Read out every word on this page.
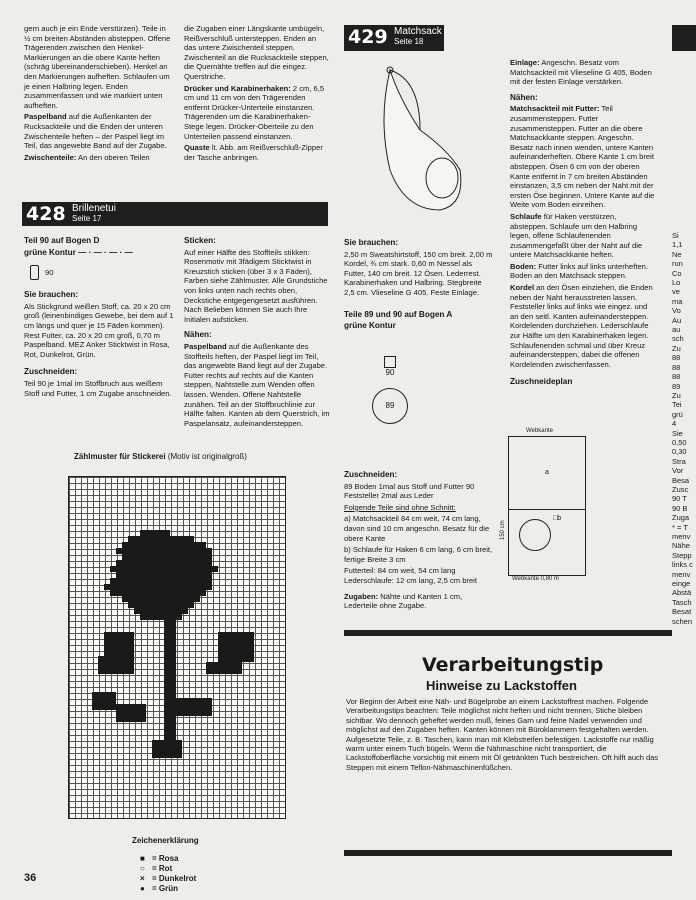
gern auch je ein Ende verstürzen). Teile in ½ cm breiten Abständen absteppen. Offene Trägerenden zwischen den Henkel-Markierungen an die obere Kante heften (schräg übereinanderschieben). Henkel an den Markierungen aufheften. Schlaufen um je einen Halbring legen. Enden zusammenfassen und wie markiert unten aufheften.

Paspelband auf die Außenkanten der Rucksackteile und die Enden der unteren Zwischenteile heften – der Paspel liegt im Teil, das angewebte Band auf der Zugabe.

Zwischenteile: An den oberen Teilen

die Zugaben einer Längskante umbügeln, Reißverschluß untersteppen. Enden an das untere Zwischenteil steppen. Zwischenteil an die Rucksackteile steppen, die Quernähte treffen auf die eingez. Querstriche.

Drücker und Karabinerhaken: 2 cm, 6,5 cm und 11 cm von den Trägerenden entfernt Drücker-Unterteile einstanzen. Trägerenden um die Karabinerhaken-Stege legen. Drücker-Oberteile zu den Unterteilen passend einstanzen.

Quaste lt. Abb. am Reißverschluß-Zipper der Tasche anbringen.

428 Brillenetui
Seite 17

Teil 90 auf Bogen D

grüne Kontur — · — · — · —

90

Sie brauchen:

Als Stickgrund weißen Stoff, ca. 20 x 20 cm groß (leinenbindiges Gewebe, bei dem auf 1 cm längs und quer je 15 Fäden kommen). Rest Futter, ca. 20 x 20 cm groß, 0,70 m Paspelband. MEZ Anker Sticktwist in Rosa, Rot, Dunkelrot, Grün.

Zuschneiden:

Teil 90 je 1mal im Stoffbruch aus weißem Stoff und Futter, 1 cm Zugabe anschneiden.

Sticken:

Auf einer Hälfte des Stoffteils stikken: Rosenmotiv mit 3fädigem Sticktwist in Kreuzstich sticken (über 3 x 3 Fäden), Farben siehe Zählmuster. Alle Grundstiche von links unten nach rechts oben, Deckstiche entgegengesetzt ausführen. Nach Belieben können Sie auch Ihre Initialen aufsticken.

Nähen:

Paspelband auf die Außenkante des Stoffteils heften, der Paspel liegt im Teil, das angewebte Band liegt auf der Zugabe. Futter rechts auf rechts auf die Kanten steppen, Nahtstelle zum Wenden offen lassen. Wenden. Offene Nahtstelle zunähen. Teil an der Stoffbruchlinie zur Hälfte falten. Kanten ab dem Querstrich, im Paspelansatz, aufeinandersteppen.

Zählmuster für Stickerei (Motiv ist originalgroß)
Zeichenerklärung
■ = Rosa
○ = Rot
× = Dunkelrot
● = Grün
36
429 Matchsack
Seite 18

Sie brauchen:

2,50 m Sweatshirtstoff, 150 cm breit. 2,00 m Kordel, ¾ cm stark. 0,60 m Nessel als Futter, 140 cm breit. 12 Ösen. Lederrest. Karabinerhaken und Halbring. Stegbreite 2,5 cm. Vlieseline G 405. Feste Einlage.

Teile 89 und 90 auf Bogen A

grüne Kontur

90
89

Zuschneiden:

89 Boden 1mal aus Stoff und Futter 90 Feststeller 2mal aus Leder

Folgende Teile sind ohne Schnitt:

a) Matchsackteil 84 cm weit, 74 cm lang, davon sind 10 cm angeschn. Besatz für die obere Kante

b) Schlaufe für Haken 6 cm lang, 6 cm breit, fertige Breite 3 cm

Futterteil: 84 cm weit, 54 cm lang Lederschlaufe: 12 cm lang, 2,5 cm breit

Zugaben: Nähte und Kanten 1 cm, Lederteile ohne Zugabe.

Einlage: Angeschn. Besatz vom Matchsackteil mit Vlieseline G 405, Boden mit der festen Einlage verstärken.

Nähen:

Matchsackteil mit Futter: Teil zusammensteppen. Futter zusammensteppen. Futter an die obere Matchsackkante steppen. Angeschn. Besatz nach innen wenden, untere Kanten aufeinanderheften. Obere Kante 1 cm breit absteppen. Ösen 6 cm von der oberen Kante entfernt in 7 cm breiten Abständen einstanzen, 3,5 cm neben der Naht mit der ersten Öse beginnen. Untere Kante auf die Weite vom Boden einreihen.

Schlaufe für Haken verstürzen, absteppen. Schlaufe um den Halbring legen, offene Schlaufenenden zusammengefaßt über der Naht auf die untere Matchsackkante heften.

Boden: Futter links auf links unterheften. Boden an den Matchsack steppen.

Kordel an den Ösen einziehen, die Enden neben der Naht herausstreten lassen. Feststeller links auf links wie eingez. und an den seitl. Kanten aufeinandersteppen. Kordelenden durchziehen. Lederschlaufe zur Hälfte um den Karabinerhaken legen. Schlaufenenden schmal und über Kreuz aufeinandersteppen, dabei die offenen Kordelenden zwischenfassen.

Zuschneideplan

Webkante
a
□b
150 cm
Webkante 0,80 m
Verarbeitungstip
Hinweise zu Lackstoffen
Vor Beginn der Arbeit eine Näh- und Bügelprobe an einem Lackstoffrest machen. Folgende Verarbeitungstips beachten: Teile möglichst nicht heften und nicht trennen, Stiche bleiben sichtbar. Wo dennoch geheftet werden muß, feines Garn und feine Nadel verwenden und möglichst auf den Zugaben heften. Kanten können mit Büroklammern festgehalten werden. Aufgesetzte Teile, z. B. Taschen, kann man mit Klebstreifen befestigen. Lackstoffe nur mäßig warm unter einem Tuch bügeln. Wenn die Nähmaschine nicht transportiert, die Lackstoffoberfläche vorsichtig mit einem mit Öl getränkten Tuch bestreichen. Oft hilft auch das Steppen mit einem Teflon-Nähmaschinenfüßchen.
Si
1,1
Ne
run
Co
Lo
ve
ma
Vo
Au
au
sch
Zu
88
88
88
89
Zu
Tei
grü
4
Sie
0,50
0,30
Stra
Vor
Besa
Zusc
90 T
90 B
Zuga
* = T
menv
Nähe
Stepp
links c
menv
einge
Abstä
Tasch
Besat
schen
